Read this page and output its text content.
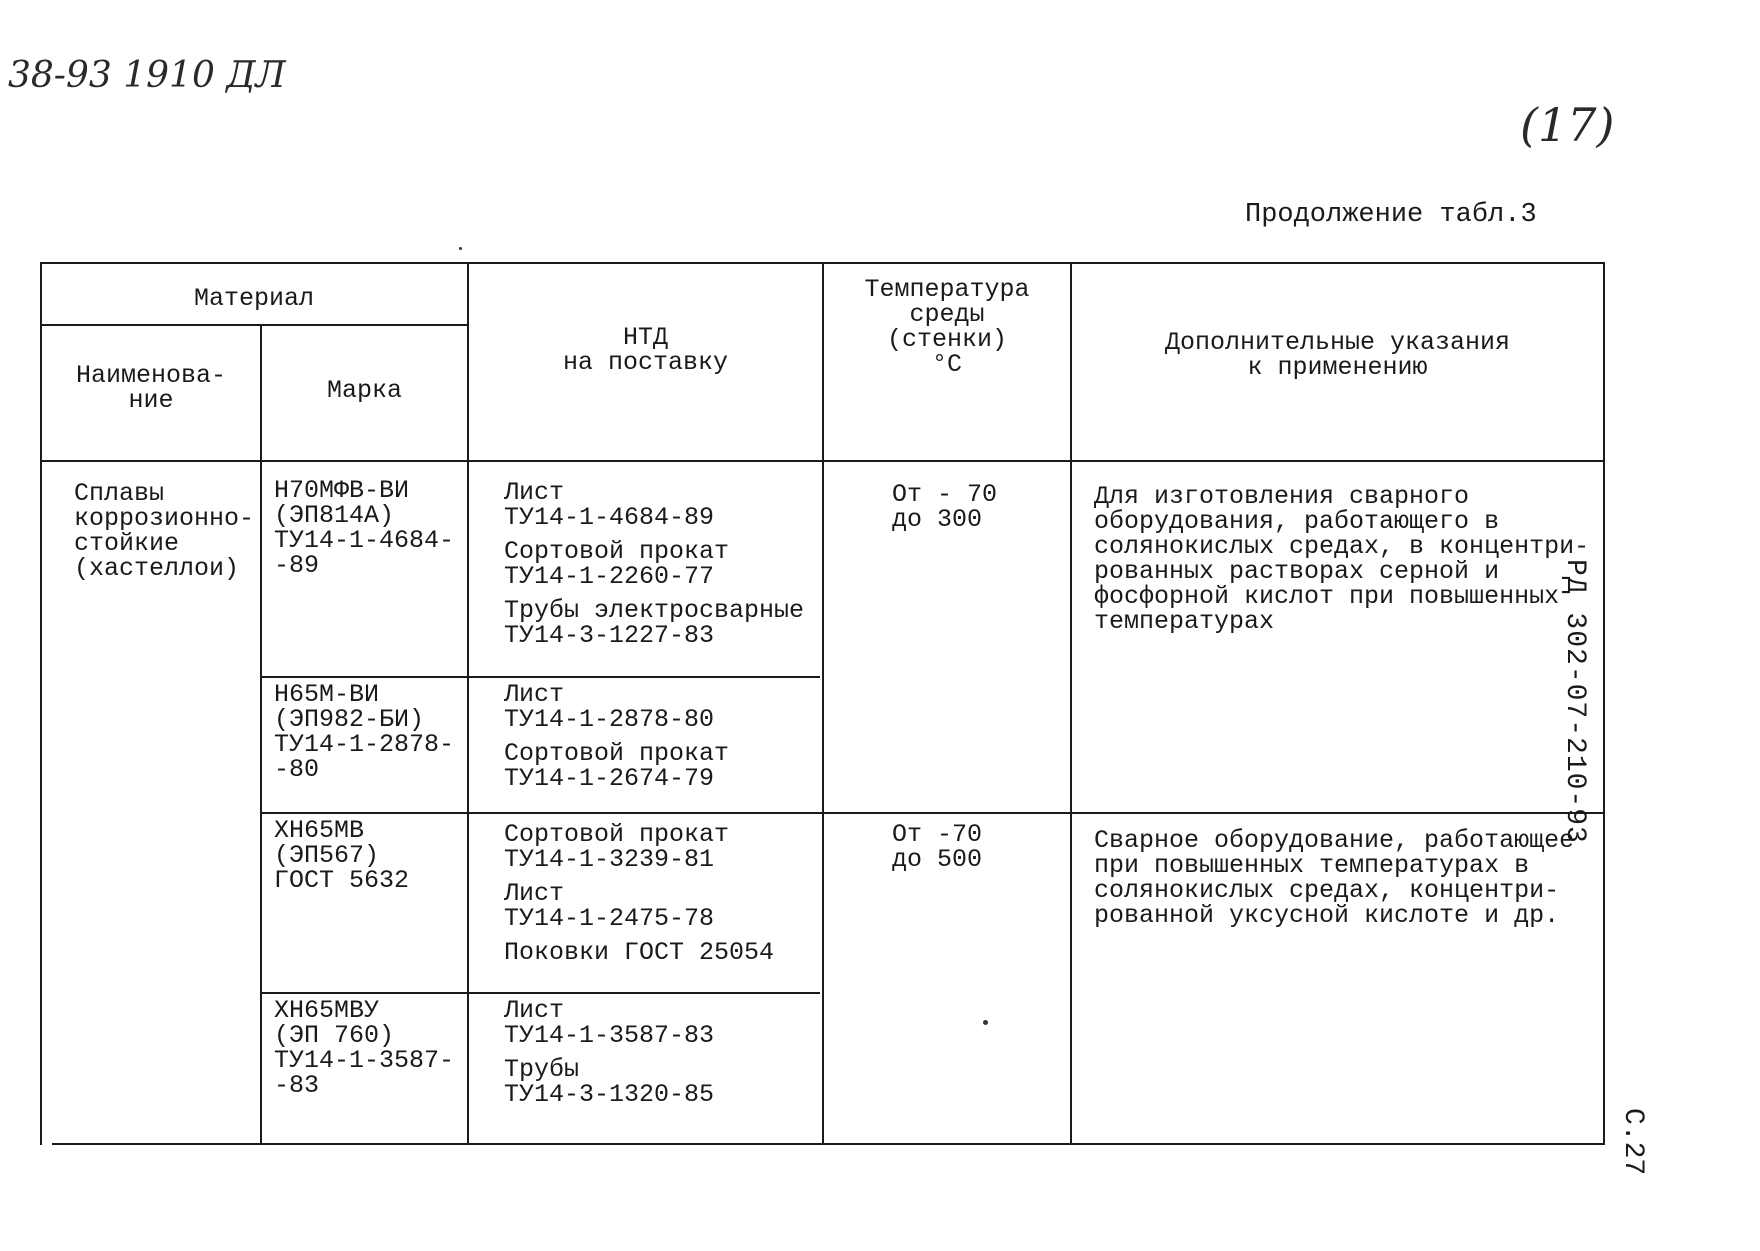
38-93 1910 ДЛ
(17)
Продолжение табл.3
Материал
Наименова-
ние	Марка
НТД
на поставку
Температура
среды
(стенки)
°С
Дополнительные указания
к применению
Сплавы
коррозионно-
стойкие
(хастеллои)
Н70МФВ-ВИ
(ЭП814А)
ТУ14-1-4684-
-89
Н65М-ВИ
(ЭП982-БИ)
ТУ14-1-2878-
-80
ХН65МВ
(ЭП567)
ГОСТ 5632
ХН65МВУ
(ЭП 760)
ТУ14-1-3587-
-83
Лист
ТУ14-1-4684-89
Сортовой прокат
ТУ14-1-2260-77
Трубы электросварные
ТУ14-3-1227-83
Лист
ТУ14-1-2878-80
Сортовой прокат
ТУ14-1-2674-79
Сортовой прокат
ТУ14-1-3239-81
Лист
ТУ14-1-2475-78
Поковки ГОСТ 25054
Лист
ТУ14-1-3587-83
Трубы
ТУ14-3-1320-85
От - 70
до 300
От -70
до 500
Для изготовления сварного
оборудования, работающего в
солянокислых средах, в концентри-
рованных растворах серной и
фосфорной кислот при повышенных
температурах
Сварное оборудование, работающее
при повышенных температурах в
солянокислых средах, концентри-
рованной уксусной кислоте и др.
РД 302-07-210-93
С.27
